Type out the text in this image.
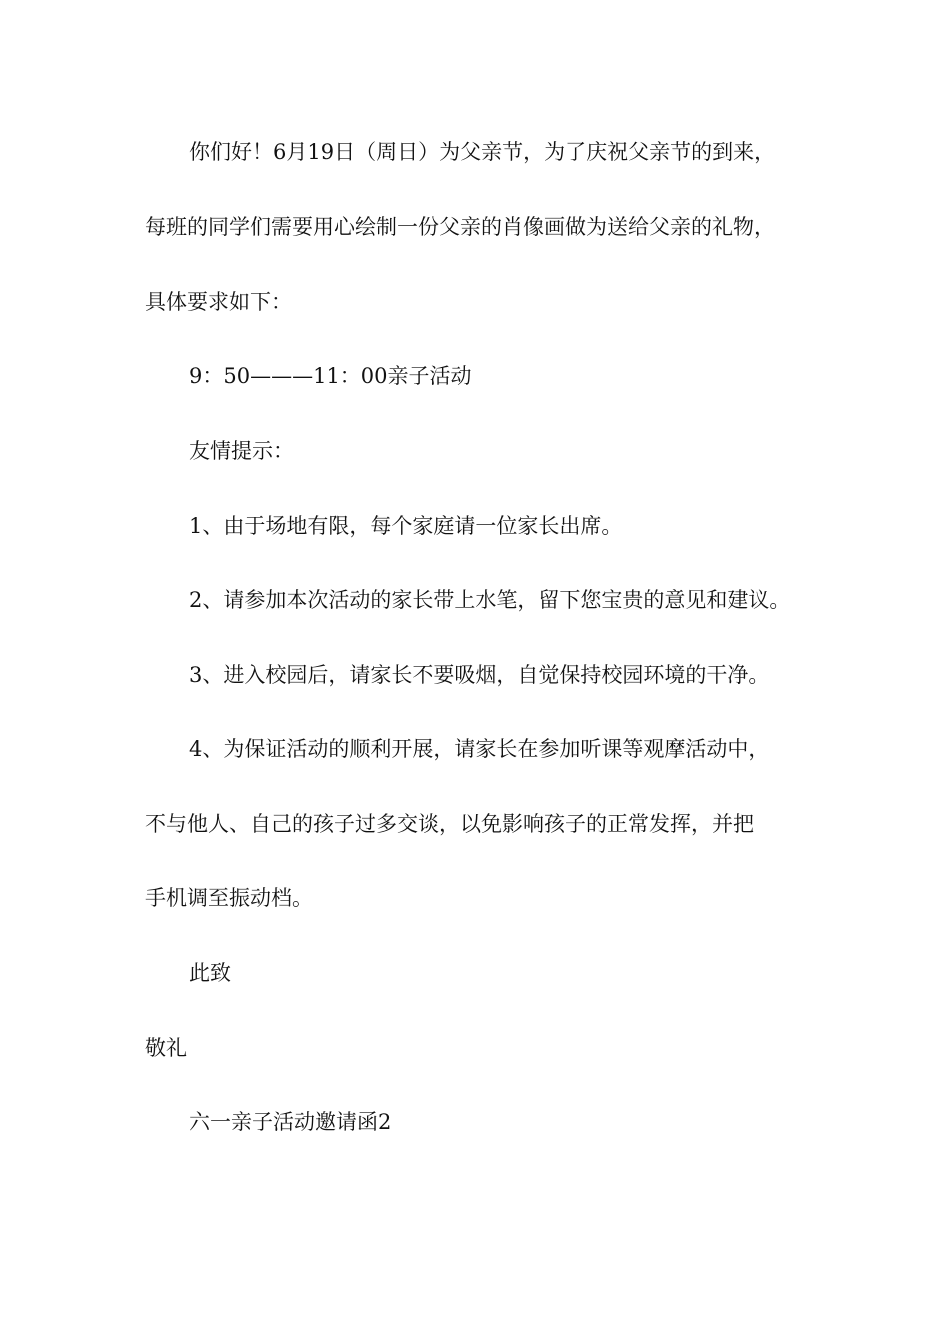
你们好！6月19日（周日）为父亲节，为了庆祝父亲节的到来，
每班的同学们需要用心绘制一份父亲的肖像画做为送给父亲的礼物，
具体要求如下：
9：50———11：00亲子活动
友情提示：
1、由于场地有限，每个家庭请一位家长出席。
2、请参加本次活动的家长带上水笔，留下您宝贵的意见和建议。
3、进入校园后，请家长不要吸烟，自觉保持校园环境的干净。
4、为保证活动的顺利开展，请家长在参加听课等观摩活动中，
不与他人、自己的孩子过多交谈，以免影响孩子的正常发挥，并把
手机调至振动档。
此致
敬礼
六一亲子活动邀请函2
